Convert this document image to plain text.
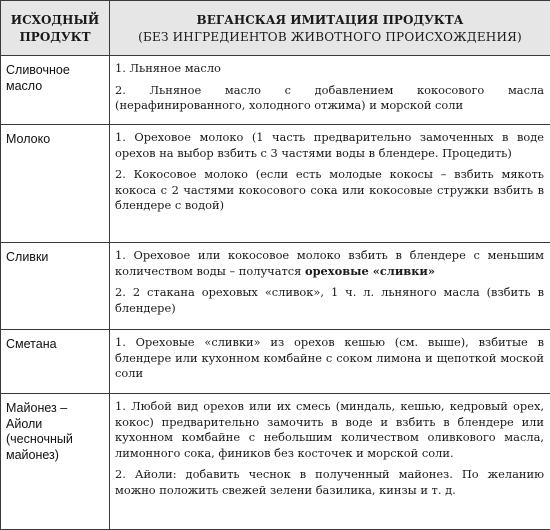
ИСХОДНЫЙ ПРОДУКТ	ВЕГАНСКАЯ ИМИТАЦИЯ ПРОДУКТА
(БЕЗ ИНГРЕДИЕНТОВ ЖИВОТНОГО ПРОИСХОЖДЕНИЯ)

Сливочное масло	1. Льняное масло

2. Льняное масло с добавлением кокосового масла (нерафинированного, холодного отжима) и морской соли

Молоко	1. Ореховое молоко (1 часть предварительно замоченных в воде орехов на выбор взбить с 3 частями воды в блендере. Процедить)

2. Кокосовое молоко (если есть молодые кокосы – взбить мякоть кокоса с 2 частями кокосового сока или кокосовые стружки взбить в блендере с водой)

Сливки	1. Ореховое или кокосовое молоко взбить в блендере с меньшим количеством воды – получатся ореховые «сливки»

2. 2 стакана ореховых «сливок», 1 ч. л. льняного масла (взбить в блендере)

Сметана	1. Ореховые «сливки» из орехов кешью (см. выше), взбитые в блендере или кухонном комбайне с соком лимона и щепоткой моской соли

Майонез – Айоли (чесночный майонез)	1. Любой вид орехов или их смесь (миндаль, кешью, кедровый орех, кокос) предварительно замочить в воде и взбить в блендере или кухонном комбайне с небольшим количеством оливкового масла, лимонного сока, фиников без косточек и морской соли.

2. Айоли: добавить чеснок в полученный майонез. По желанию можно положить свежей зелени базилика, кинзы и т. д.
